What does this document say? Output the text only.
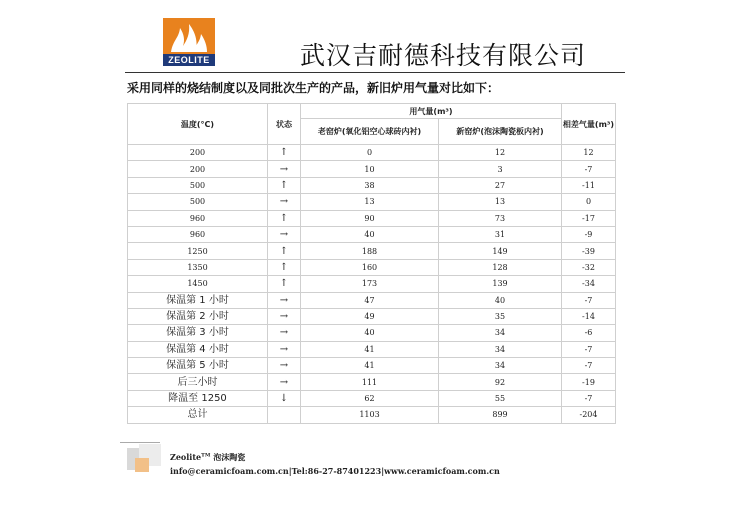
ZEOLITE	武汉吉耐德科技有限公司
采用同样的烧结制度以及同批次生产的产品，新旧炉用气量对比如下：
温度(°C)	状态	用气量(m³)		相差气量(m³)
		老窑炉(氧化铝空心球砖内衬)	新窑炉(泡沫陶瓷板内衬)	
200	↑	0	12	12
200	→	10	3	-7
500	↑	38	27	-11
500	→	13	13	0
960	↑	90	73	-17
960	→	40	31	-9
1250	↑	188	149	-39
1350	↑	160	128	-32
1450	↑	173	139	-34
保温第 1 小时	→	47	40	-7
保温第 2 小时	→	49	35	-14
保温第 3 小时	→	40	34	-6
保温第 4 小时	→	41	34	-7
保温第 5 小时	→	41	34	-7
后三小时	→	111	92	-19
降温至 1250	↓	62	55	-7
总计		1103	899	-204
Zeolite™ 泡沫陶瓷
info@ceramicfoam.com.cn|Tel:86-27-87401223|www.ceramicfoam.com.cn
